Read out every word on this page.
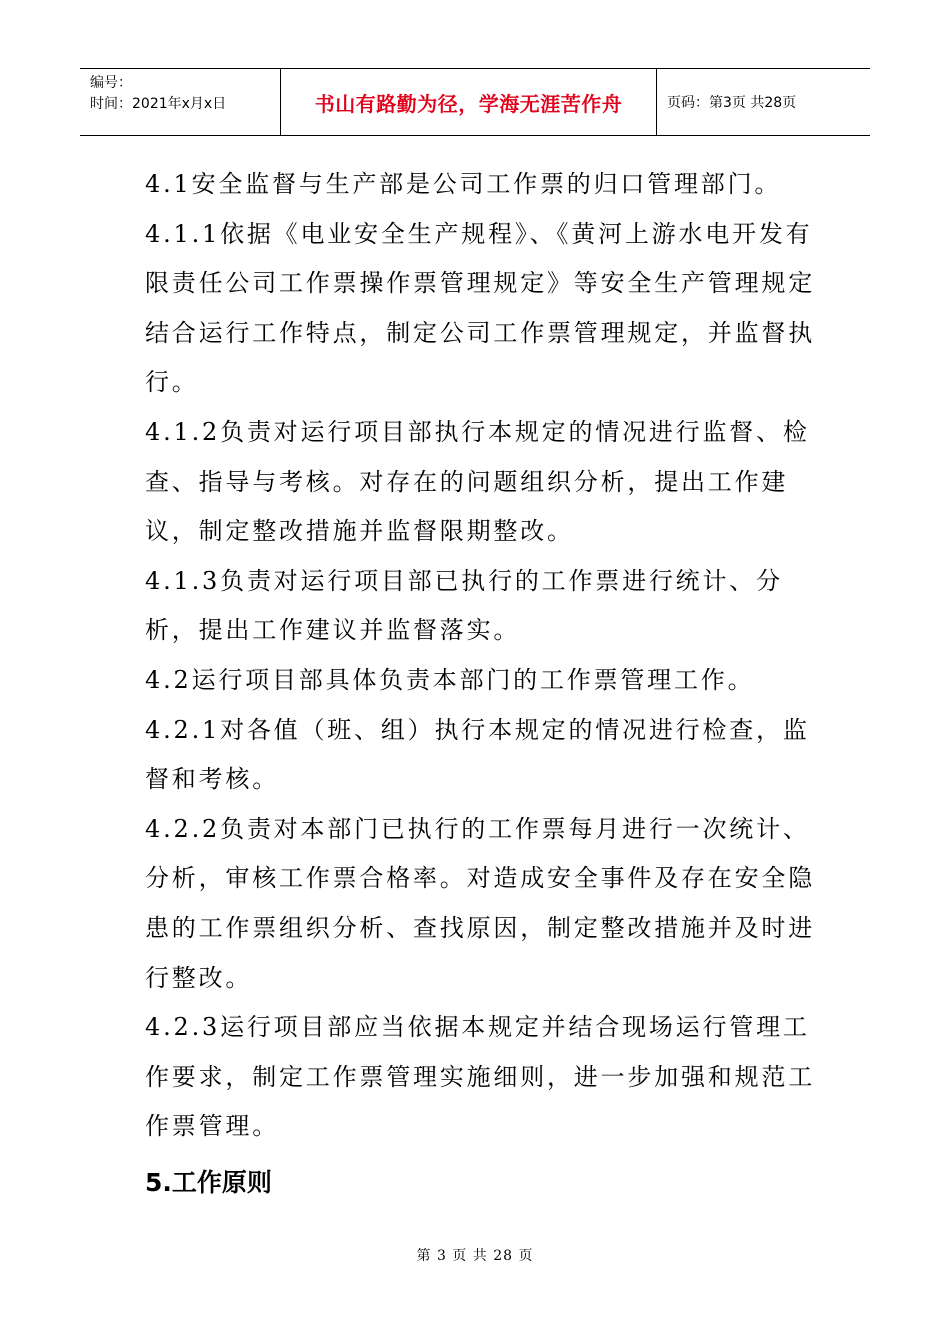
编号：
时间：2021年x月x日	书山有路勤为径，学海无涯苦作舟	页码：第3页 共28页

4.1安全监督与生产部是公司工作票的归口管理部门。

4.1.1依据《电业安全生产规程》、《黄河上游水电开发有限责任公司工作票操作票管理规定》等安全生产管理规定结合运行工作特点，制定公司工作票管理规定，并监督执行。

4.1.2负责对运行项目部执行本规定的情况进行监督、检查、指导与考核。对存在的问题组织分析，提出工作建议，制定整改措施并监督限期整改。

4.1.3负责对运行项目部已执行的工作票进行统计、分析，提出工作建议并监督落实。

4.2运行项目部具体负责本部门的工作票管理工作。

4.2.1对各值（班、组）执行本规定的情况进行检查，监督和考核。

4.2.2负责对本部门已执行的工作票每月进行一次统计、分析，审核工作票合格率。对造成安全事件及存在安全隐患的工作票组织分析、查找原因，制定整改措施并及时进行整改。

4.2.3运行项目部应当依据本规定并结合现场运行管理工作要求，制定工作票管理实施细则，进一步加强和规范工作票管理。

5.工作原则
第 3 页 共 28 页
